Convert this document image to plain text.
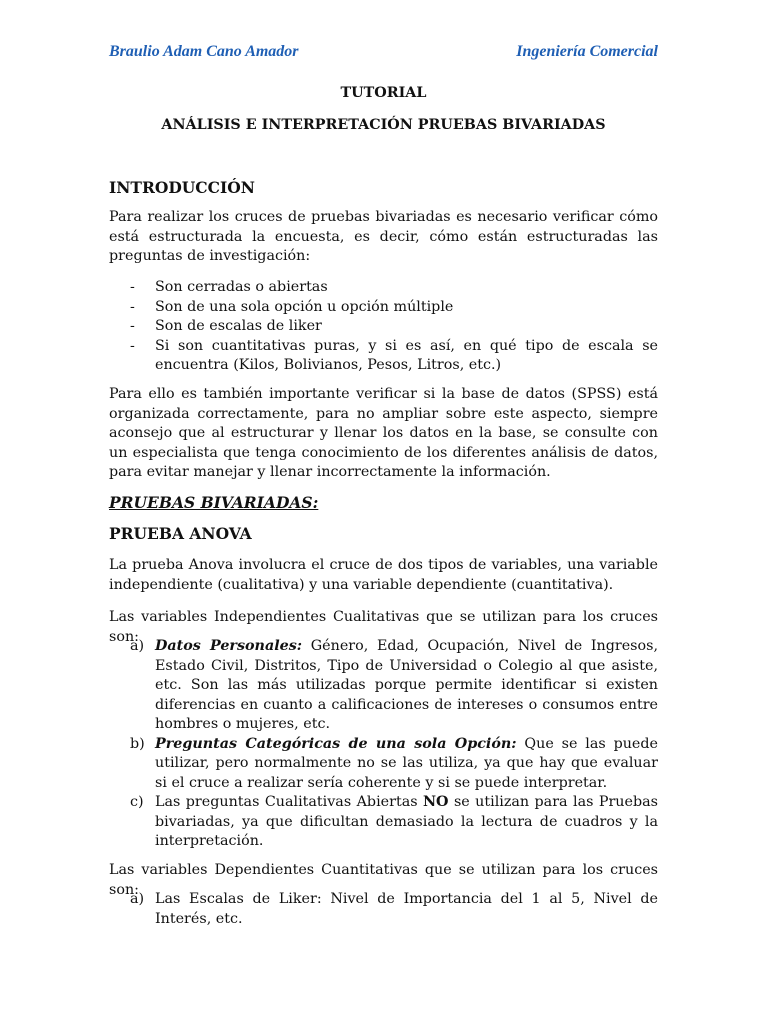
Braulio Adam Cano Amador	Ingeniería Comercial
TUTORIAL
ANÁLISIS E INTERPRETACIÓN PRUEBAS BIVARIADAS
INTRODUCCIÓN

Para realizar los cruces de pruebas bivariadas es necesario verificar cómo está estructurada la encuesta, es decir, cómo están estructuradas las preguntas de investigación:

- Son cerradas o abiertas
- Son de una sola opción u opción múltiple
- Son de escalas de liker
- Si son cuantitativas puras, y si es así, en qué tipo de escala se encuentra (Kilos, Bolivianos, Pesos, Litros, etc.)

Para ello es también importante verificar si la base de datos (SPSS) está organizada correctamente, para no ampliar sobre este aspecto, siempre aconsejo que al estructurar y llenar los datos en la base, se consulte con un especialista que tenga conocimiento de los diferentes análisis de datos, para evitar manejar y llenar incorrectamente la información.

PRUEBAS BIVARIADAS:
PRUEBA ANOVA

La prueba Anova involucra el cruce de dos tipos de variables, una variable independiente (cualitativa) y una variable dependiente (cuantitativa).

Las variables Independientes Cualitativas que se utilizan para los cruces son:

a) Datos Personales: Género, Edad, Ocupación, Nivel de Ingresos, Estado Civil, Distritos, Tipo de Universidad o Colegio al que asiste, etc. Son las más utilizadas porque permite identificar si existen diferencias en cuanto a calificaciones de intereses o consumos entre hombres o mujeres, etc.
b) Preguntas Categóricas de una sola Opción: Que se las puede utilizar, pero normalmente no se las utiliza, ya que hay que evaluar si el cruce a realizar sería coherente y si se puede interpretar.
c) Las preguntas Cualitativas Abiertas NO se utilizan para las Pruebas bivariadas, ya que dificultan demasiado la lectura de cuadros y la interpretación.

Las variables Dependientes Cuantitativas que se utilizan para los cruces son:

a) Las Escalas de Liker: Nivel de Importancia del 1 al 5, Nivel de Interés, etc.
